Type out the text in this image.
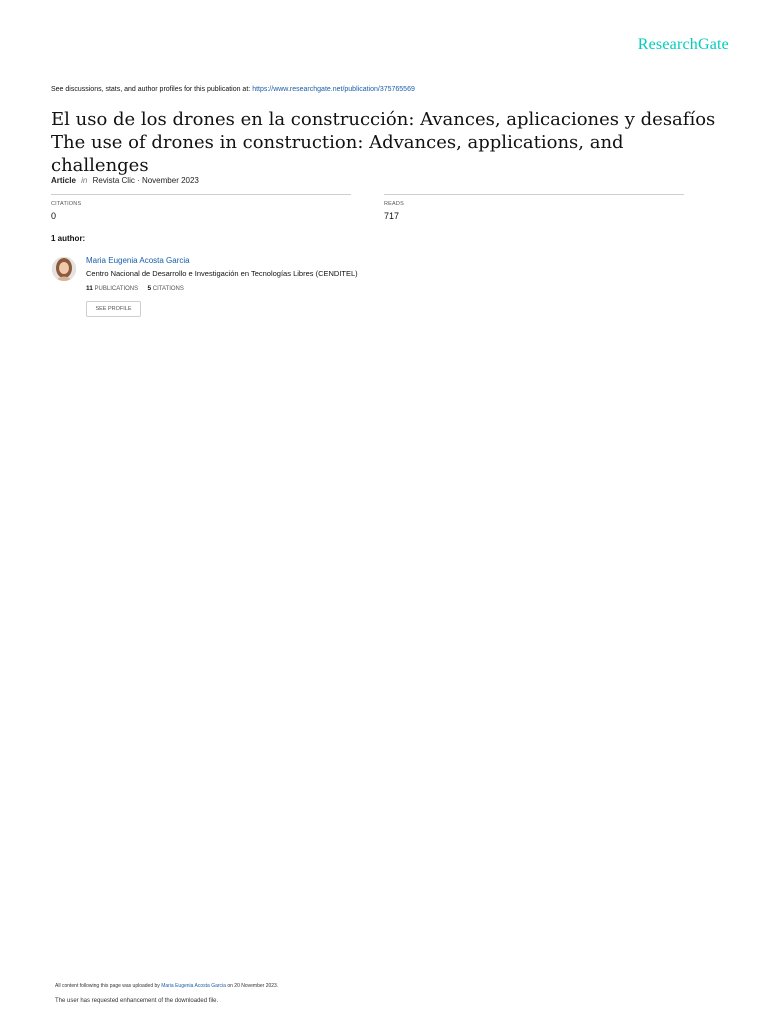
ResearchGate
See discussions, stats, and author profiles for this publication at: https://www.researchgate.net/publication/375765569
El uso de los drones en la construcción: Avances, aplicaciones y desafíos The use of drones in construction: Advances, applications, and challenges
Article in Revista Clic · November 2023
CITATIONS
0
READS
717
1 author:
Maria Eugenia Acosta Garcia
Centro Nacional de Desarrollo e Investigación en Tecnologías Libres (CENDITEL)
11 PUBLICATIONS 5 CITATIONS
SEE PROFILE
All content following this page was uploaded by Maria Eugenia Acosta Garcia on 20 November 2023.
The user has requested enhancement of the downloaded file.
